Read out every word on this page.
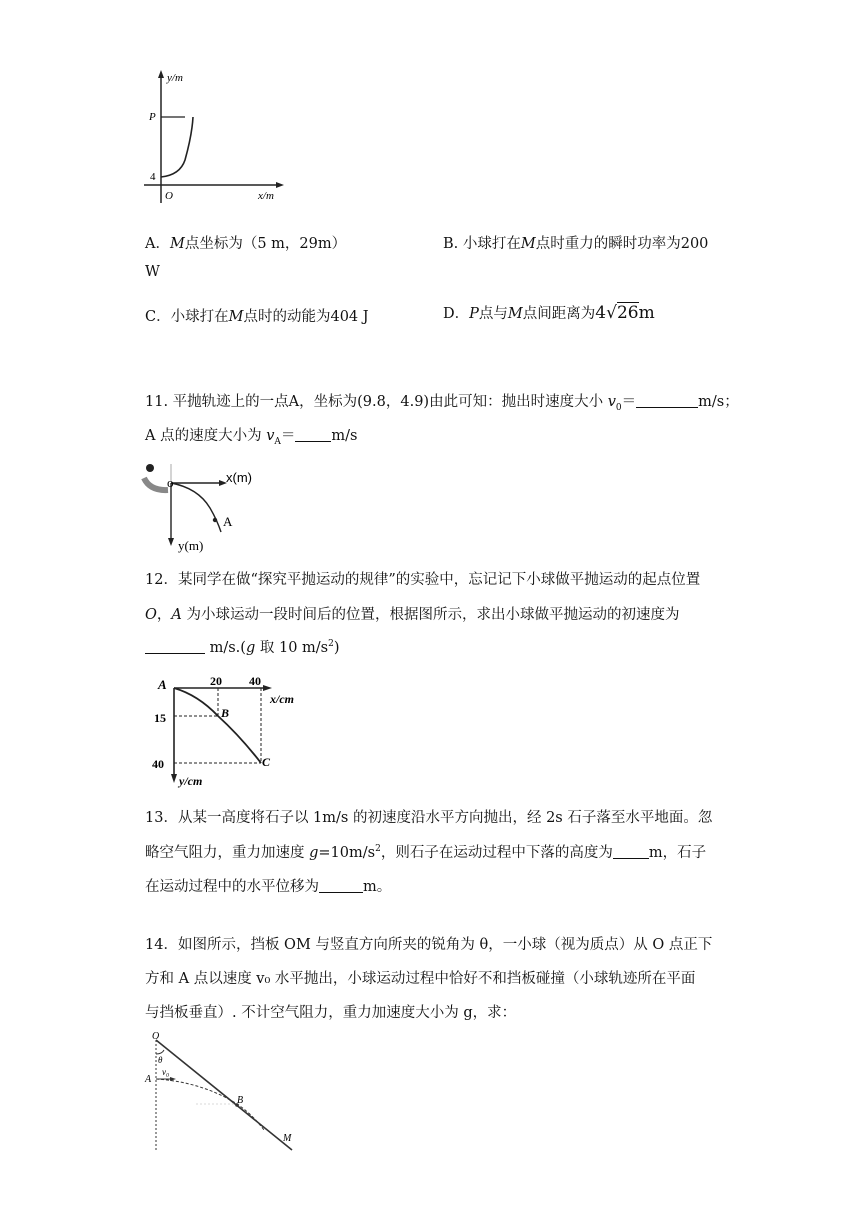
y/m
x/m
P
4
O
A．M点坐标为（5 m，29m）	B. 小球打在M点时重力的瞬时功率为200
W
C．小球打在M点时的动能为404 J	D．P点与M点间距离为4√26m
11. 平抛轨迹上的一点A，坐标为(9.8，4.9)由此可知：抛出时速度大小 $v_0=$	m/s；
A 点的速度大小为 $v_A= m/s$
x(m)
o
A
y(m)
12．某同学在做“探究平抛运动的规律”的实验中，忘记记下小球做平抛运动的起点位置
O，A 为小球运动一段时间后的位置，根据图所示，求出小球做平抛运动的初速度为
m/s.(g 取 10 $m/s^2$)
A	20 40
x/cm
B
15
40	C
y/cm
13．从某一高度将石子以 1m/s 的初速度沿水平方向抛出，经 2s 石子落至水平地面。忽
略空气阻力，重力加速度 $g=10m/s^2$，则石子在运动过程中下落的高度为 m，石子
在运动过程中的水平位移为	m。
14．如图所示，挡板 OM 与竖直方向所夹的锐角为 θ，一小球（视为质点）从 O 点正下
方和 A 点以速度 v₀ 水平抛出，小球运动过程中恰好不和挡板碰撞（小球轨迹所在平面
与挡板垂直）. 不计空气阻力，重力加速度大小为 g，求：
O
θ
A
v₀
B
M
